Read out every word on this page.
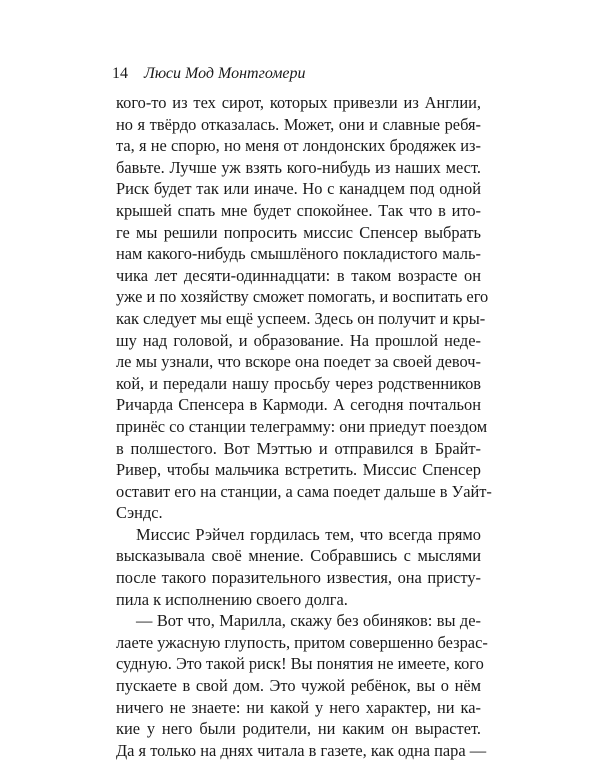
14 Люси Мод Монтгомери
кого-то из тех сирот, которых привезли из Англии,
но я твёрдо отказалась. Может, они и славные ребя-
та, я не спорю, но меня от лондонских бродяжек из-
бавьте. Лучше уж взять кого-нибудь из наших мест.
Риск будет так или иначе. Но с канадцем под одной
крышей спать мне будет спокойнее. Так что в ито-
ге мы решили попросить миссис Спенсер выбрать
нам какого-нибудь смышлёного покладистого маль-
чика лет десяти-одиннадцати: в таком возрасте он
уже и по хозяйству сможет помогать, и воспитать его
как следует мы ещё успеем. Здесь он получит и кры-
шу над головой, и образование. На прошлой неде-
ле мы узнали, что вскоре она поедет за своей девоч-
кой, и передали нашу просьбу через родственников
Ричарда Спенсера в Кармоди. А сегодня почтальон
принёс со станции телеграмму: они приедут поездом
в полшестого. Вот Мэттью и отправился в Брайт-
Ривер, чтобы мальчика встретить. Миссис Спенсер
оставит его на станции, а сама поедет дальше в Уайт-
Сэндс.
Миссис Рэйчел гордилась тем, что всегда прямо
высказывала своё мнение. Собравшись с мыслями
после такого поразительного известия, она присту-
пила к исполнению своего долга.
— Вот что, Марилла, скажу без обиняков: вы де-
лаете ужасную глупость, притом совершенно безрас-
судную. Это такой риск! Вы понятия не имеете, кого
пускаете в свой дом. Это чужой ребёнок, вы о нём
ничего не знаете: ни какой у него характер, ни ка-
кие у него были родители, ни каким он вырастет.
Да я только на днях читала в газете, как одна пара —
